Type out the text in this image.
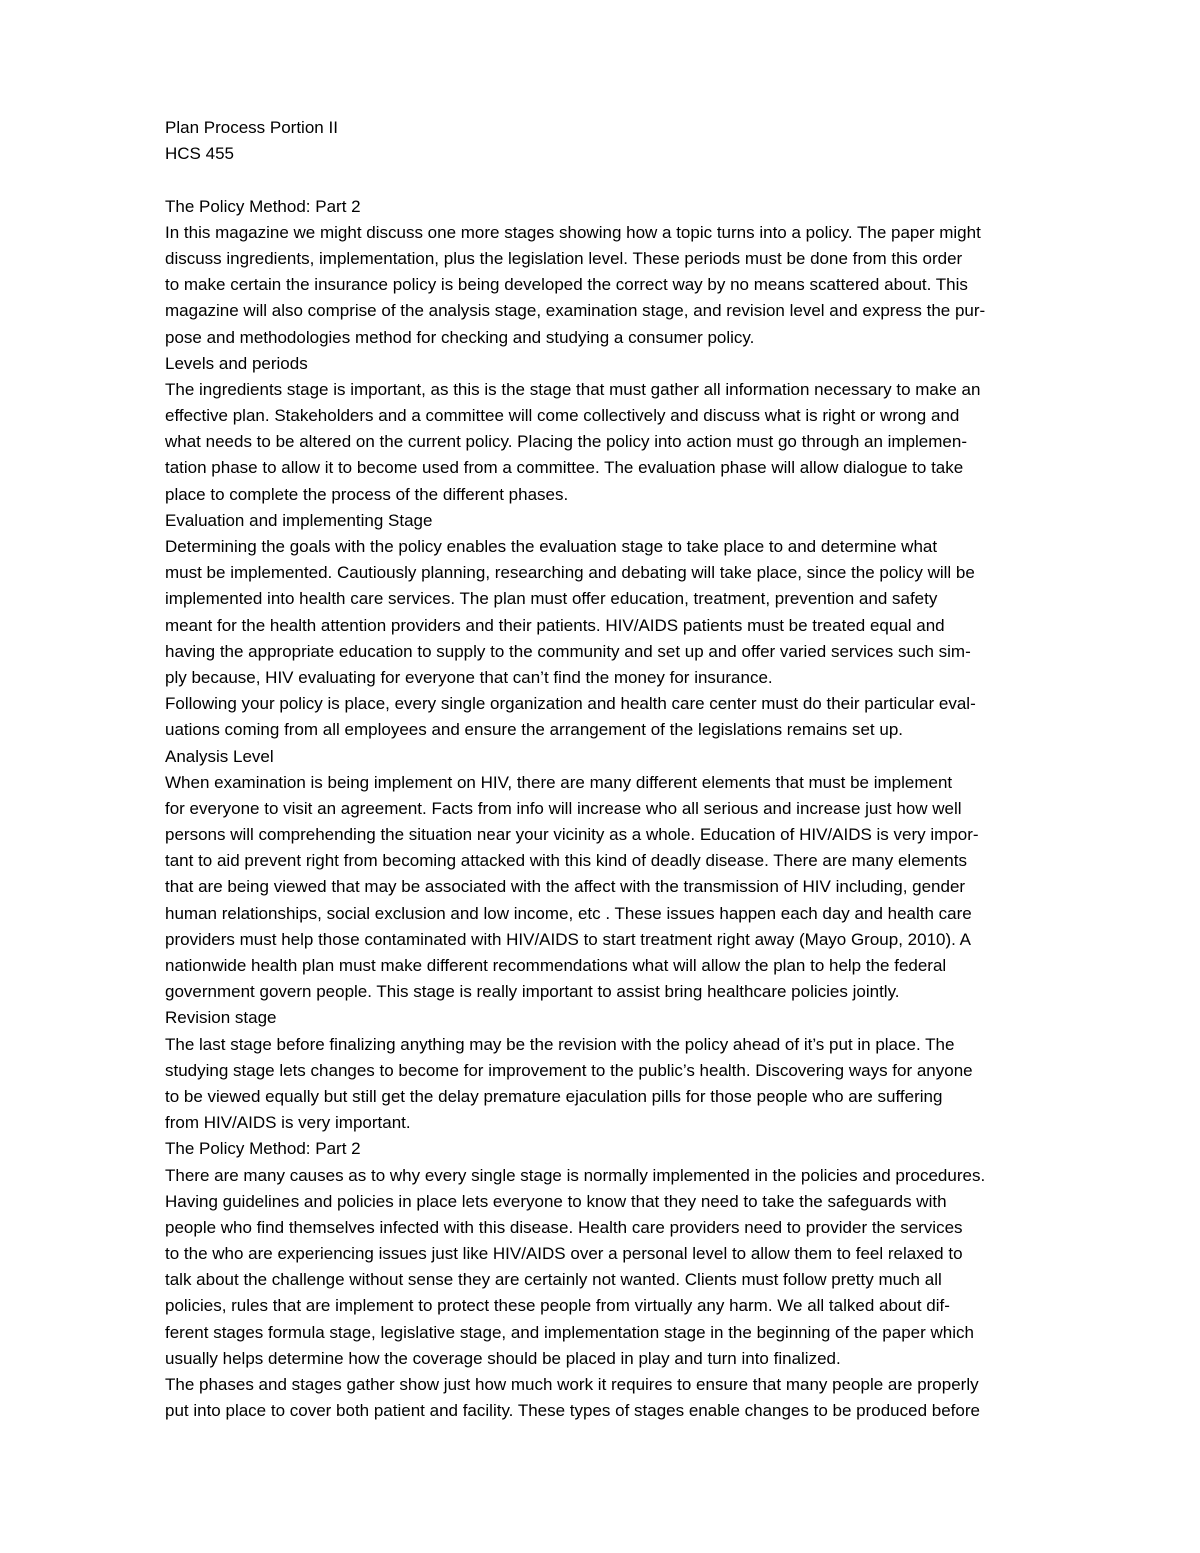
Plan Process Portion II
HCS 455
The Policy Method: Part 2
In this magazine we might discuss one more stages showing how a topic turns into a policy. The paper might
discuss ingredients, implementation, plus the legislation level. These periods must be done from this order
to make certain the insurance policy is being developed the correct way by no means scattered about. This
magazine will also comprise of the analysis stage, examination stage, and revision level and express the pur-
pose and methodologies method for checking and studying a consumer policy.
Levels and periods
The ingredients stage is important, as this is the stage that must gather all information necessary to make an
effective plan. Stakeholders and a committee will come collectively and discuss what is right or wrong and
what needs to be altered on the current policy. Placing the policy into action must go through an implemen-
tation phase to allow it to become used from a committee. The evaluation phase will allow dialogue to take
place to complete the process of the different phases.
Evaluation and implementing Stage
Determining the goals with the policy enables the evaluation stage to take place to and determine what
must be implemented. Cautiously planning, researching and debating will take place, since the policy will be
implemented into health care services. The plan must offer education, treatment, prevention and safety
meant for the health attention providers and their patients. HIV/AIDS patients must be treated equal and
having the appropriate education to supply to the community and set up and offer varied services such sim-
ply because, HIV evaluating for everyone that can’t find the money for insurance.
Following your policy is place, every single organization and health care center must do their particular eval-
uations coming from all employees and ensure the arrangement of the legislations remains set up.
Analysis Level
When examination is being implement on HIV, there are many different elements that must be implement
for everyone to visit an agreement. Facts from info will increase who all serious and increase just how well
persons will comprehending the situation near your vicinity as a whole. Education of HIV/AIDS is very impor-
tant to aid prevent right from becoming attacked with this kind of deadly disease. There are many elements
that are being viewed that may be associated with the affect with the transmission of HIV including, gender
human relationships, social exclusion and low income, etc . These issues happen each day and health care
providers must help those contaminated with HIV/AIDS to start treatment right away (Mayo Group, 2010). A
nationwide health plan must make different recommendations what will allow the plan to help the federal
government govern people. This stage is really important to assist bring healthcare policies jointly.
Revision stage
The last stage before finalizing anything may be the revision with the policy ahead of it’s put in place. The
studying stage lets changes to become for improvement to the public’s health. Discovering ways for anyone
to be viewed equally but still get the delay premature ejaculation pills for those people who are suffering
from HIV/AIDS is very important.
The Policy Method: Part 2
There are many causes as to why every single stage is normally implemented in the policies and procedures.
Having guidelines and policies in place lets everyone to know that they need to take the safeguards with
people who find themselves infected with this disease. Health care providers need to provider the services
to the who are experiencing issues just like HIV/AIDS over a personal level to allow them to feel relaxed to
talk about the challenge without sense they are certainly not wanted. Clients must follow pretty much all
policies, rules that are implement to protect these people from virtually any harm. We all talked about dif-
ferent stages formula stage, legislative stage, and implementation stage in the beginning of the paper which
usually helps determine how the coverage should be placed in play and turn into finalized.
The phases and stages gather show just how much work it requires to ensure that many people are properly
put into place to cover both patient and facility. These types of stages enable changes to be produced before
